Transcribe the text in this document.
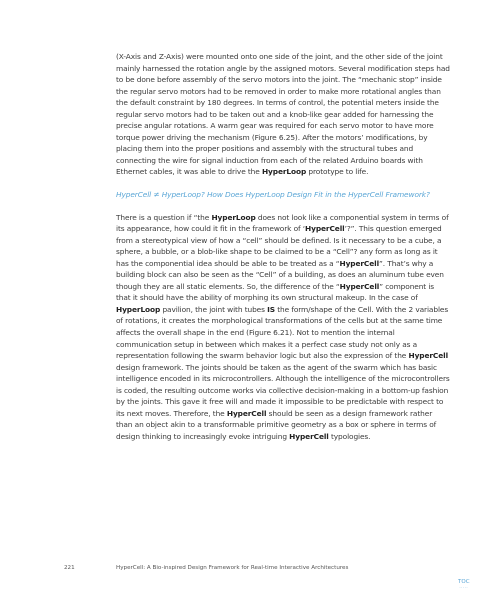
(X-Axis and Z-Axis) were mounted onto one side of the joint, and the other side of the joint mainly harnessed the rotation angle by the assigned motors. Several modification steps had to be done before assembly of the servo motors into the joint. The “mechanic stop” inside the regular servo motors had to be removed in order to make more rotational angles than the default constraint by 180 degrees. In terms of control, the potential meters inside the regular servo motors had to be taken out and a knob-like gear added for harnessing the precise angular rotations. A warm gear was required for each servo motor to have more torque power driving the mechanism (Figure 6.25). After the motors’ modifications, by placing them into the proper positions and assembly with the structural tubes and connecting the wire for signal induction from each of the related Arduino boards with Ethernet cables, it was able to drive the HyperLoop prototype to life.

HyperCell ≠ HyperLoop? How Does HyperLoop Design Fit in the HyperCell Framework?

There is a question if “the HyperLoop does not look like a componential system in terms of its appearance, how could it fit in the framework of ‘HyperCell’?”. This question emerged from a stereotypical view of how a “cell” should be defined. Is it necessary to be a cube, a sphere, a bubble, or a blob-like shape to be claimed to be a “Cell”? any form as long as it has the componential idea should be able to be treated as a “HyperCell”. That’s why a building block can also be seen as the “Cell” of a building, as does an aluminum tube even though they are all static elements. So, the difference of the “HyperCell” component is that it should have the ability of morphing its own structural makeup. In the case of HyperLoop pavilion, the joint with tubes IS the form/shape of the Cell. With the 2 variables of rotations, it creates the morphological transformations of the cells but at the same time affects the overall shape in the end (Figure 6.21). Not to mention the internal communication setup in between which makes it a perfect case study not only as a representation following the swarm behavior logic but also the expression of the HyperCell design framework. The joints should be taken as the agent of the swarm which has basic intelligence encoded in its microcontrollers. Although the intelligence of the microcontrollers is coded, the resulting outcome works via collective decision-making in a bottom-up fashion by the joints. This gave it free will and made it impossible to be predictable with respect to its next moves. Therefore, the HyperCell should be seen as a design framework rather than an object akin to a transformable primitive geometry as a box or sphere in terms of design thinking to increasingly evoke intriguing HyperCell typologies.

221	HyperCell: A Bio-inspired Design Framework for Real-time Interactive Architectures
TOC
·····
